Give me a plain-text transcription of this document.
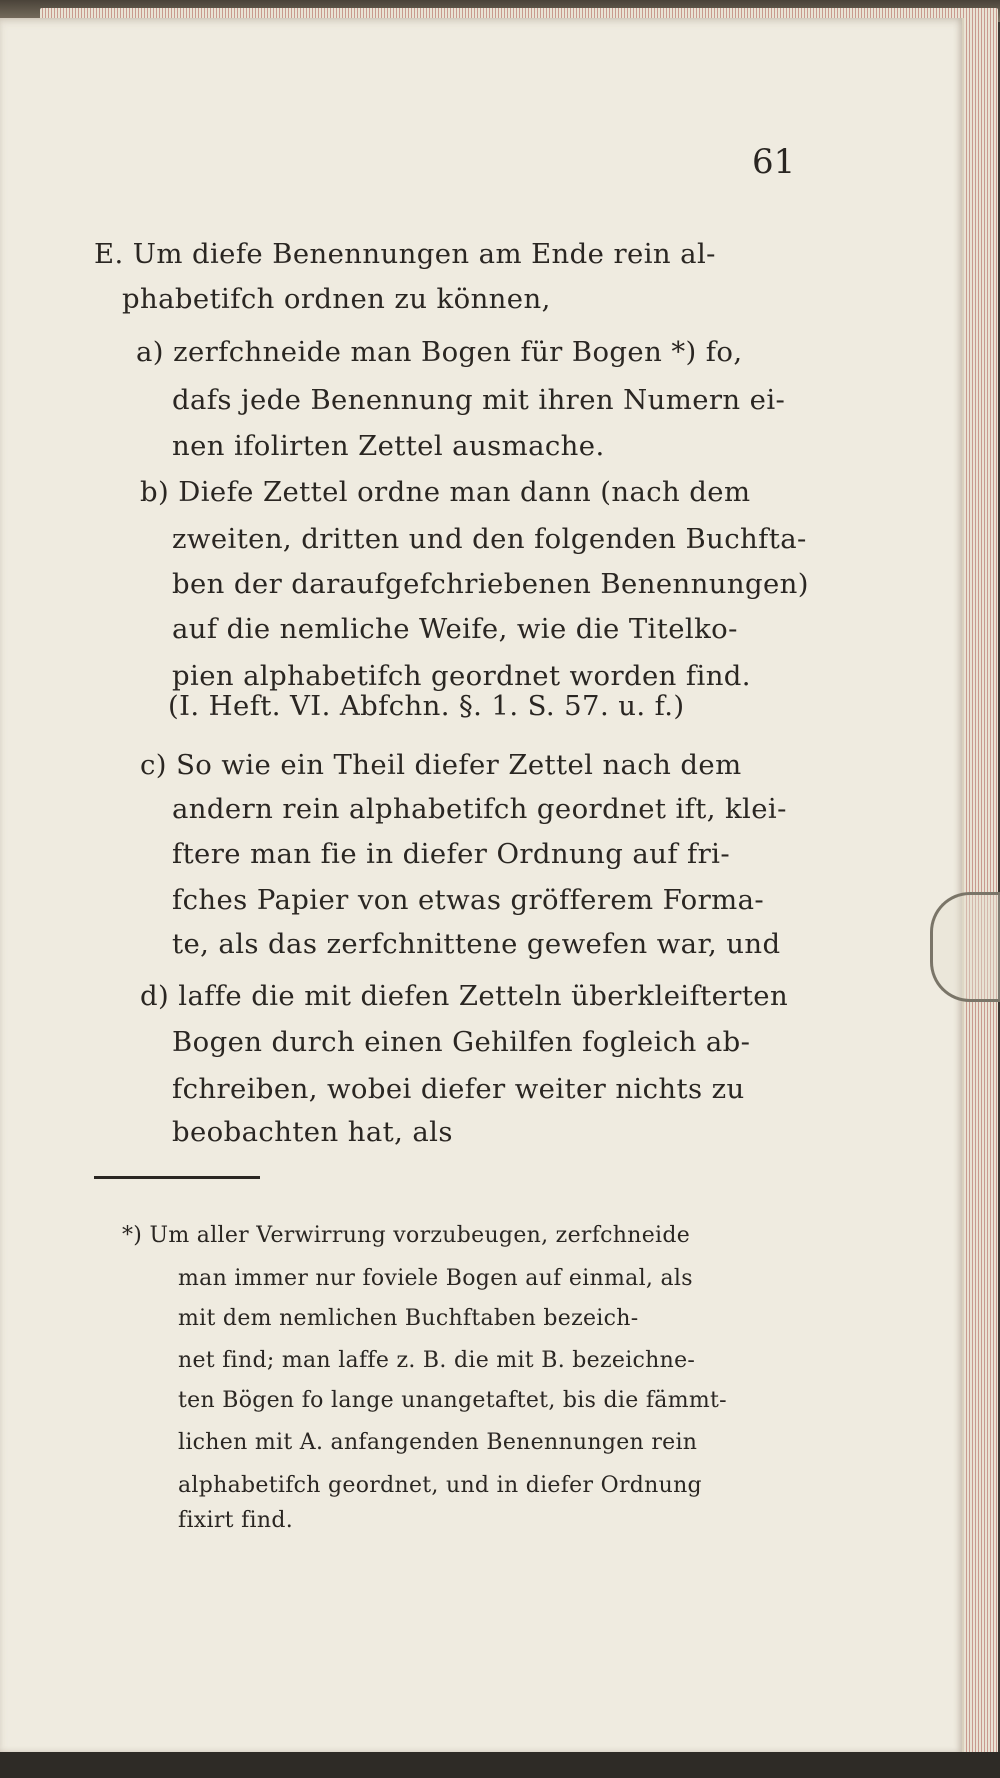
61
E. Um diefe Benennungen am Ende rein al-
phabetifch ordnen zu können,
a) zerfchneide man Bogen für Bogen *) fo,
dafs jede Benennung mit ihren Numern ei-
nen ifolirten Zettel ausmache.
b) Diefe Zettel ordne man dann (nach dem
zweiten, dritten und den folgenden Buchfta-
ben der daraufgefchriebenen Benennungen)
auf die nemliche Weife, wie die Titelko-
pien alphabetifch geordnet worden find.
(I. Heft. VI. Abfchn. §. 1. S. 57. u. f.)
c) So wie ein Theil diefer Zettel nach dem
andern rein alphabetifch geordnet ift, klei-
ftere man fie in diefer Ordnung auf fri-
fches Papier von etwas gröfferem Forma-
te, als das zerfchnittene gewefen war, und
d) laffe die mit diefen Zetteln überkleifterten
Bogen durch einen Gehilfen fogleich ab-
fchreiben, wobei diefer weiter nichts zu
beobachten hat, als
*) Um aller Verwirrung vorzubeugen, zerfchneide
man immer nur foviele Bogen auf einmal, als
mit dem nemlichen Buchftaben bezeich-
net find; man laffe z. B. die mit B. bezeichne-
ten Bögen fo lange unangetaftet, bis die fämmt-
lichen mit A. anfangenden Benennungen rein
alphabetifch geordnet, und in diefer Ordnung
fixirt find.
